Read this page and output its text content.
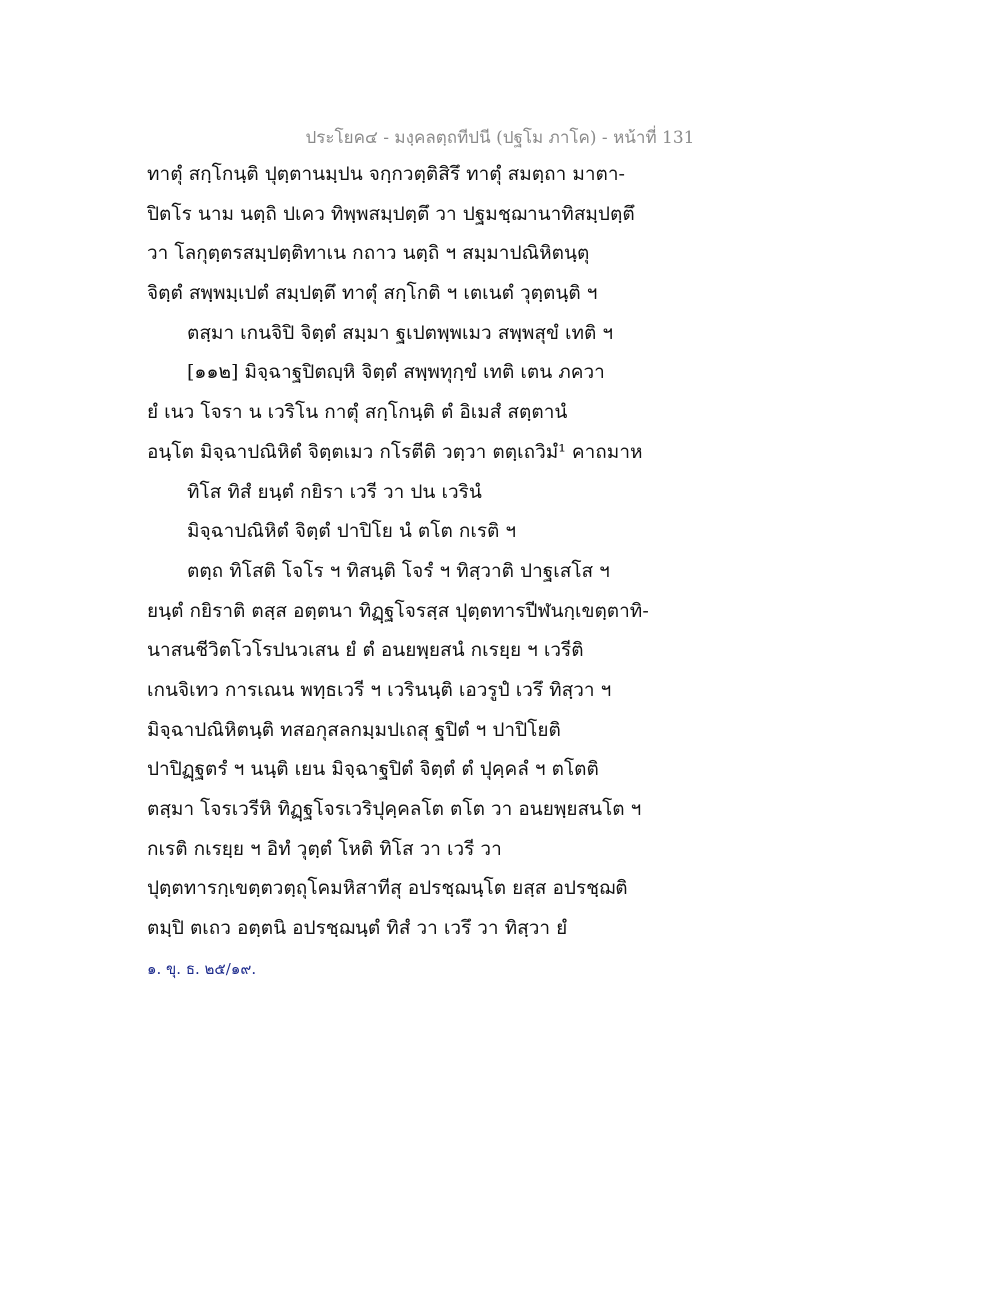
ประโยค๔ - มงฺคลตฺถทีปนี (ปฐโม ภาโค) - หน้าที่ 131
ทาตุํ สกฺโกนฺติ ปุตฺตานมฺปน จกฺกวตฺติสิรึ ทาตุํ สมตฺถา มาตา-
ปิตโร นาม นตฺถิ ปเคว ทิพฺพสมฺปตฺตึ วา ปฐมชฺฌานาทิสมฺปตฺตึ
วา โลกุตฺตรสมฺปตฺติทาเน กถาว นตฺถิ ฯ สมฺมาปณิหิตนฺตุ
จิตฺตํ สพฺพมฺเปตํ สมฺปตฺตึ ทาตุํ สกฺโกติ ฯ เตเนตํ วุตฺตนฺติ ฯ
ตสฺมา เกนจิปิ จิตฺตํ สมฺมา ฐเปตพฺพเมว สพฺพสุขํ เทติ ฯ
[๑๑๒] มิจฺฉาฐปิตญฺหิ จิตฺตํ สพฺพทุกฺขํ เทติ เตน ภควา
ยํ เนว โจรา น เวริโน กาตุํ สกฺโกนฺติ ตํ อิเมสํ สตฺตานํ
อนฺโต มิจฺฉาปณิหิตํ จิตฺตเมว กโรตีติ วตฺวา ตตฺเถวิมํ¹ คาถมาห
ทิโส ทิสํ ยนฺตํ กยิรา เวรี วา ปน เวรินํ
มิจฺฉาปณิหิตํ จิตฺตํ ปาปิโย นํ ตโต กเรติ ฯ
ตตฺถ ทิโสติ โจโร ฯ ทิสนฺติ โจรํ ฯ ทิสฺวาติ ปาฐเสโส ฯ
ยนฺตํ กยิราติ ตสฺส อตฺตนา ทิฏฺฐโจรสฺส ปุตฺตทารปีฬนกฺเขตฺตาทิ-
นาสนชีวิตโวโรปนวเสน ยํ ตํ อนยพฺยสนํ กเรยฺย ฯ เวรีติ
เกนจิเทว การเณน พทฺธเวรี ฯ เวรินนฺติ เอวรูปํ เวรึ ทิสฺวา ฯ
มิจฺฉาปณิหิตนฺติ ทสอกุสลกมฺมปเถสุ ฐปิตํ ฯ ปาปิโยติ
ปาปิฏฺฐตรํ ฯ นนฺติ เยน มิจฺฉาฐปิตํ จิตฺตํ ตํ ปุคฺคลํ ฯ ตโตติ
ตสฺมา โจรเวรีหิ ทิฏฺฐโจรเวริปุคฺคลโต ตโต วา อนยพฺยสนโต ฯ
กเรติ กเรยฺย ฯ อิทํ วุตฺตํ โหติ ทิโส วา เวรี วา
ปุตฺตทารกฺเขตฺตวตฺถุโคมหิสาทีสุ อปรชฺฌนฺโต ยสฺส อปรชฺฌติ
ตมฺปิ ตเถว อตฺตนิ อปรชฺฌนฺตํ ทิสํ วา เวรึ วา ทิสฺวา ยํ
๑. ขุ. ธ. ๒๕/๑๙.
